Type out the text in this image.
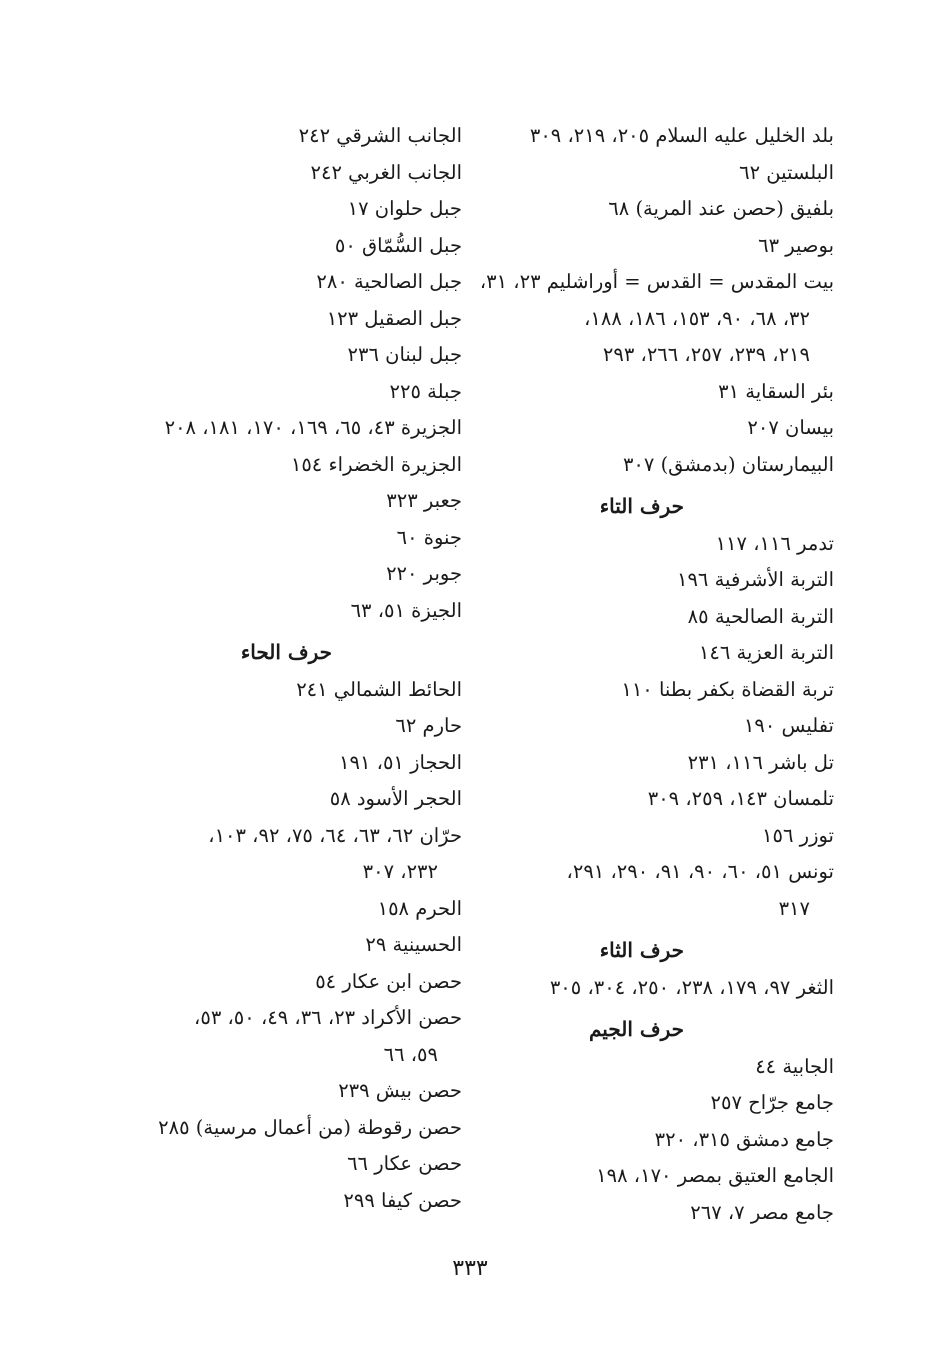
بلد الخليل عليه السلام ٢٠٥، ٢١٩، ٣٠٩
البلستين ٦٢
بلفيق (حصن عند المرية) ٦٨
بوصير ٦٣
بيت المقدس = القدس = أوراشليم ٢٣، ٣١،
٣٢، ٦٨، ٩٠، ١٥٣، ١٨٦، ١٨٨،
٢١٩، ٢٣٩، ٢٥٧، ٢٦٦، ٢٩٣
بئر السقاية ٣١
بيسان ٢٠٧
البيمارستان (بدمشق) ٣٠٧
حرف التاء
تدمر ١١٦، ١١٧
التربة الأشرفية ١٩٦
التربة الصالحية ٨٥
التربة العزية ١٤٦
تربة القضاة بكفر بطنا ١١٠
تفليس ١٩٠
تل باشر ١١٦، ٢٣١
تلمسان ١٤٣، ٢٥٩، ٣٠٩
توزر ١٥٦
تونس ٥١، ٦٠، ٩٠، ٩١، ٢٩٠، ٢٩١،
٣١٧
حرف الثاء
الثغر ٩٧، ١٧٩، ٢٣٨، ٢٥٠، ٣٠٤، ٣٠٥
حرف الجيم
الجابية ٤٤
جامع جرّاح ٢٥٧
جامع دمشق ٣١٥، ٣٢٠
الجامع العتيق بمصر ١٧٠، ١٩٨
جامع مصر ٧، ٢٦٧
الجانب الشرقي ٢٤٢
الجانب الغربي ٢٤٢
جبل حلوان ١٧
جبل السُّمّاق ٥٠
جبل الصالحية ٢٨٠
جبل الصقيل ١٢٣
جبل لبنان ٢٣٦
جبلة ٢٢٥
الجزيرة ٤٣، ٦٥، ١٦٩، ١٧٠، ١٨١، ٢٠٨
الجزيرة الخضراء ١٥٤
جعبر ٣٢٣
جنوة ٦٠
جوبر ٢٢٠
الجيزة ٥١، ٦٣
حرف الحاء
الحائط الشمالي ٢٤١
حارم ٦٢
الحجاز ٥١، ١٩١
الحجر الأسود ٥٨
حرّان ٦٢، ٦٣، ٦٤، ٧٥، ٩٢، ١٠٣،
٢٣٢، ٣٠٧
الحرم ١٥٨
الحسينية ٢٩
حصن ابن عكار ٥٤
حصن الأكراد ٢٣، ٣٦، ٤٩، ٥٠، ٥٣،
٥٩، ٦٦
حصن بيش ٢٣٩
حصن رقوطة (من أعمال مرسية) ٢٨٥
حصن عكار ٦٦
حصن كيفا ٢٩٩
٣٣٣
